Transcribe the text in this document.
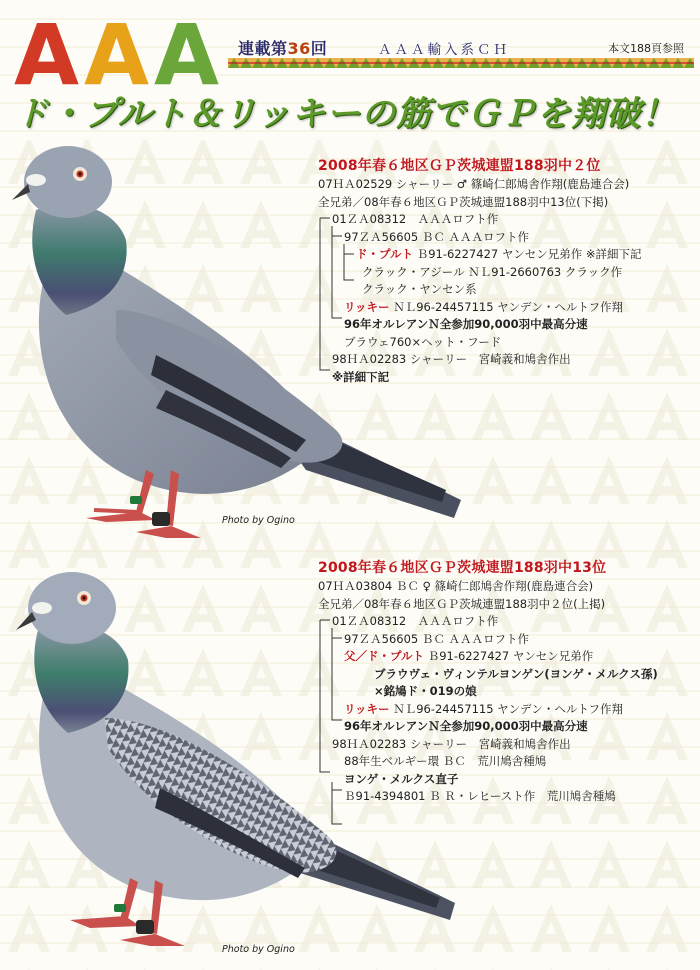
A A A 連載第36回	ＡＡＡ輸入系ＣＨ	本文188頁参照
ド・プルト＆リッキーの筋でＧＰを翔破！
Photo by Ogino
Photo by Ogino
2008年春６地区ＧＰ茨城連盟188羽中２位
07ＨＡ02529 シャーリー ♂ 篠崎仁郎鳩舎作翔(鹿島連合会)
全兄弟／08年春６地区ＧＰ茨城連盟188羽中13位(下掲)
01ＺＡ08312　ＡＡＡロフト作
97ＺＡ56605 ＢＣ ＡＡＡロフト作
ド・プルト Ｂ91-6227427 ヤンセン兄弟作 ※詳細下記
クラック・アジール ＮＬ91-2660763 クラック作
クラック・ヤンセン系
リッキー ＮＬ96-24457115 ヤンデン・ヘルトフ作翔
96年オルレアンＮ全参加90,000羽中最高分速
ブラウェ760×ヘット・フード
98ＨＡ02283 シャーリー　宮崎義和鳩舎作出
※詳細下記
2008年春６地区ＧＰ茨城連盟188羽中13位
07ＨＡ03804 ＢＣ ♀ 篠崎仁郎鳩舎作翔(鹿島連合会)
全兄弟／08年春６地区ＧＰ茨城連盟188羽中２位(上掲)
01ＺＡ08312　ＡＡＡロフト作
97ＺＡ56605 ＢＣ ＡＡＡロフト作
父／ド・プルト Ｂ91-6227427 ヤンセン兄弟作
ブラウヴェ・ヴィンテルヨンゲン(ヨンゲ・メルクス孫)
×銘鳩ド・019の娘
リッキー ＮＬ96-24457115 ヤンデン・ヘルトフ作翔
96年オルレアンＮ全参加90,000羽中最高分速
98ＨＡ02283 シャーリー　宮崎義和鳩舎作出
88年生ベルギー環 ＢＣ　荒川鳩舎種鳩
ヨンゲ・メルクス直子
Ｂ91-4394801 Ｂ Ｒ・レヒースト作　荒川鳩舎種鳩
